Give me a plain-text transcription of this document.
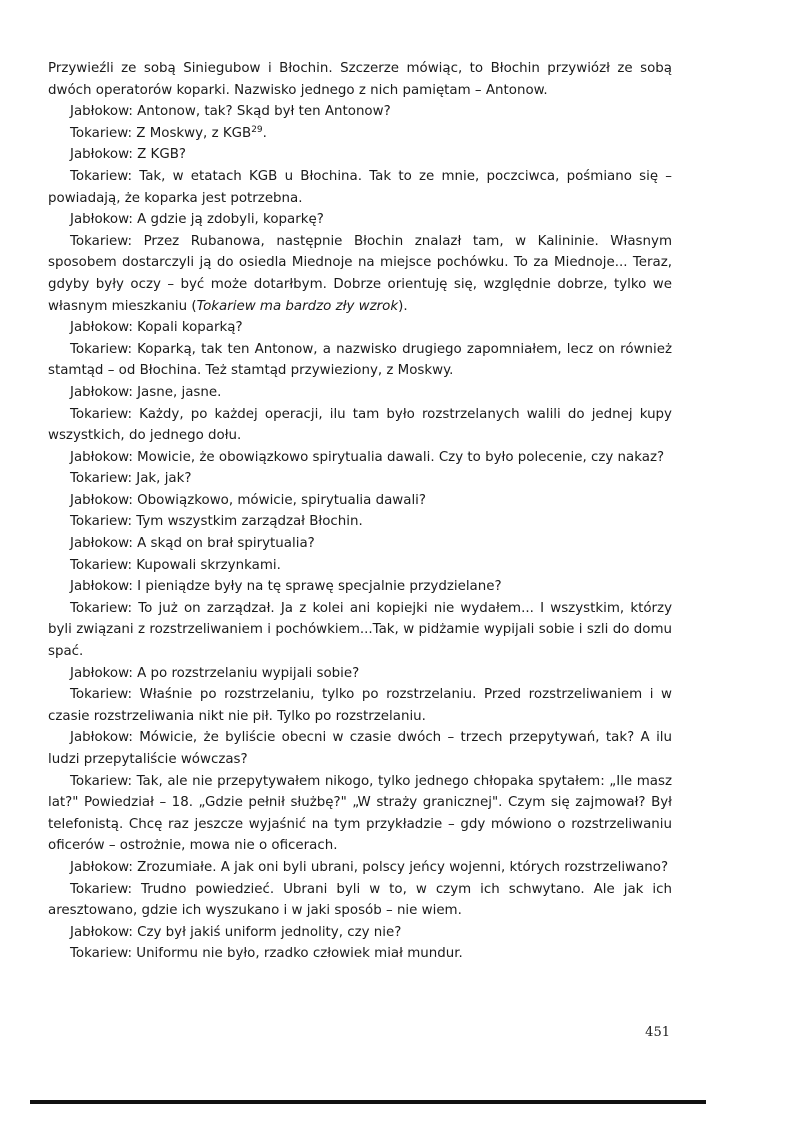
Przywieźli ze sobą Siniegubow i Błochin. Szczerze mówiąc, to Błochin przywiózł ze sobą dwóch operatorów koparki. Nazwisko jednego z nich pamiętam – Antonow.

Jabłokow: Antonow, tak? Skąd był ten Antonow?

Tokariew: Z Moskwy, z KGB$^{29}$.

Jabłokow: Z KGB?

Tokariew: Tak, w etatach KGB u Błochina. Tak to ze mnie, poczciwca, pośmiano się – powiadają, że koparka jest potrzebna.

Jabłokow: A gdzie ją zdobyli, koparkę?

Tokariew: Przez Rubanowa, następnie Błochin znalazł tam, w Kalininie. Własnym sposobem dostarczyli ją do osiedla Miednoje na miejsce pochówku. To za Miednoje... Teraz, gdyby były oczy – być może dotarłbym. Dobrze orientuję się, względnie dobrze, tylko we własnym mieszkaniu (Tokariew ma bardzo zły wzrok).

Jabłokow: Kopali koparką?

Tokariew: Koparką, tak ten Antonow, a nazwisko drugiego zapomniałem, lecz on również stamtąd – od Błochina. Też stamtąd przywieziony, z Moskwy.

Jabłokow: Jasne, jasne.

Tokariew: Każdy, po każdej operacji, ilu tam było rozstrzelanych walili do jednej kupy wszystkich, do jednego dołu.

Jabłokow: Mowicie, że obowiązkowo spirytualia dawali. Czy to było polecenie, czy nakaz?

Tokariew: Jak, jak?

Jabłokow: Obowiązkowo, mówicie, spirytualia dawali?

Tokariew: Tym wszystkim zarządzał Błochin.

Jabłokow: A skąd on brał spirytualia?

Tokariew: Kupowali skrzynkami.

Jabłokow: I pieniądze były na tę sprawę specjalnie przydzielane?

Tokariew: To już on zarządzał. Ja z kolei ani kopiejki nie wydałem... I wszystkim, którzy byli związani z rozstrzeliwaniem i pochówkiem...Tak, w pidżamie wypijali sobie i szli do domu spać.

Jabłokow: A po rozstrzelaniu wypijali sobie?

Tokariew: Właśnie po rozstrzelaniu, tylko po rozstrzelaniu. Przed rozstrzeliwaniem i w czasie rozstrzeliwania nikt nie pił. Tylko po rozstrzelaniu.

Jabłokow: Mówicie, że byliście obecni w czasie dwóch – trzech przepytywań, tak? A ilu ludzi przepytaliście wówczas?

Tokariew: Tak, ale nie przepytywałem nikogo, tylko jednego chłopaka spytałem: „Ile masz lat?" Powiedział – 18. „Gdzie pełnił służbę?" „W straży granicznej". Czym się zajmował? Był telefonistą. Chcę raz jeszcze wyjaśnić na tym przykładzie – gdy mówiono o rozstrzeliwaniu oficerów – ostrożnie, mowa nie o oficerach.

Jabłokow: Zrozumiałe. A jak oni byli ubrani, polscy jeńcy wojenni, których rozstrzeliwano?

Tokariew: Trudno powiedzieć. Ubrani byli w to, w czym ich schwytano. Ale jak ich aresztowano, gdzie ich wyszukano i w jaki sposób – nie wiem.

Jabłokow: Czy był jakiś uniform jednolity, czy nie?

Tokariew: Uniformu nie było, rzadko człowiek miał mundur.

451
